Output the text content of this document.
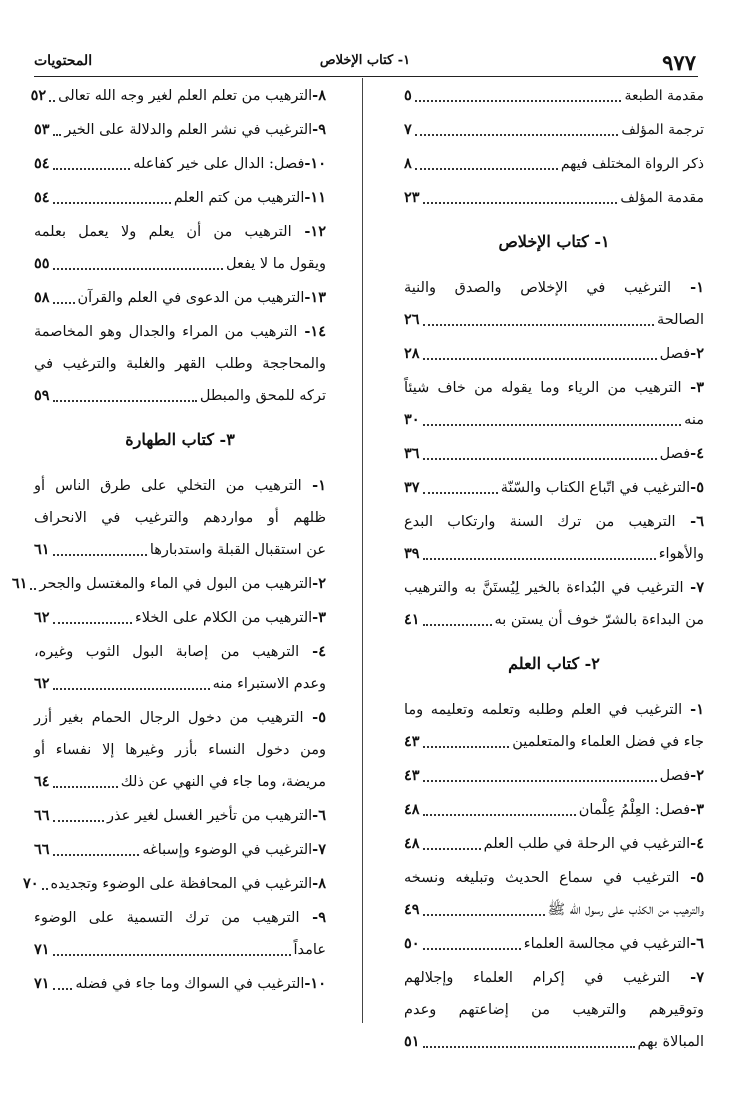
٩٧٧
١- كتاب الإخلاص
المحتويات
مقدمة الطبعة
٥
ترجمة المؤلف
٧
ذكر الرواة المختلف فيهم
٨
مقدمة المؤلف
٢٣
١- كتاب الإخلاص
١- الترغيب في الإخلاص والصدق والنية
الصالحة
٢٦
٢-
فصل
٢٨
٣- الترهيب من الرياء وما يقوله من خاف شيئاً
منه
٣٠
٤-
فصل
٣٦
٥-
الترغيب في اتّباع الكتاب والسّنّة
٣٧
٦- الترهيب من ترك السنة وارتكاب البدع
والأهواء
٣٩
٧- الترغيب في البُداءة بالخير لِيُستَنَّ به والترهيب
من البداءة بالشرّ خوف أن يستن به
٤١
٢- كتاب العلم
١- الترغيب في العلم وطلبه وتعلمه وتعليمه وما
جاء في فضل العلماء والمتعلمين
٤٣
٢-
فصل
٤٣
٣-
فصل: العِلْمُ عِلْمان
٤٨
٤-
الترغيب في الرحلة في طلب العلم
٤٨
٥- الترغيب في سماع الحديث وتبليغه ونسخه
والترهيب من الكذب على رسول الله ﷺ
٤٩
٦-
الترغيب في مجالسة العلماء
٥٠
٧- الترغيب في إكرام العلماء وإجلالهم
وتوقيرهم والترهيب من إضاعتهم وعدم
المبالاة بهم
٥١
٨-
الترهيب من تعلم العلم لغير وجه الله تعالى
٥٢
٩-
الترغيب في نشر العلم والدلالة على الخير
٥٣
١٠-
فصل: الدال على خير كفاعله
٥٤
١١-
الترهيب من كتم العلم
٥٤
١٢- الترهيب من أن يعلم ولا يعمل بعلمه
ويقول ما لا يفعل
٥٥
١٣-
الترهيب من الدعوى في العلم والقرآن
٥٨
١٤- الترهيب من المراء والجدال وهو المخاصمة
والمحاججة وطلب القهر والغلبة والترغيب في
تركه للمحق والمبطل
٥٩
٣- كتاب الطهارة
١- الترهيب من التخلي على طرق الناس أو
ظلهم أو مواردهم والترغيب في الانحراف
عن استقبال القبلة واستدبارها
٦١
٢-
الترهيب من البول في الماء والمغتسل والجحر
٦١
٣-
الترهيب من الكلام على الخلاء
٦٢
٤- الترهيب من إصابة البول الثوب وغيره،
وعدم الاستبراء منه
٦٢
٥- الترهيب من دخول الرجال الحمام بغير أزر
ومن دخول النساء بأزر وغيرها إلا نفساء أو
مريضة، وما جاء في النهي عن ذلك
٦٤
٦-
الترهيب من تأخير الغسل لغير عذر
٦٦
٧-
الترغيب في الوضوء وإسباغه
٦٦
٨-
الترغيب في المحافظة على الوضوء وتجديده
٧٠
٩- الترهيب من ترك التسمية على الوضوء
عامداً
٧١
١٠-
الترغيب في السواك وما جاء في فضله
٧١
